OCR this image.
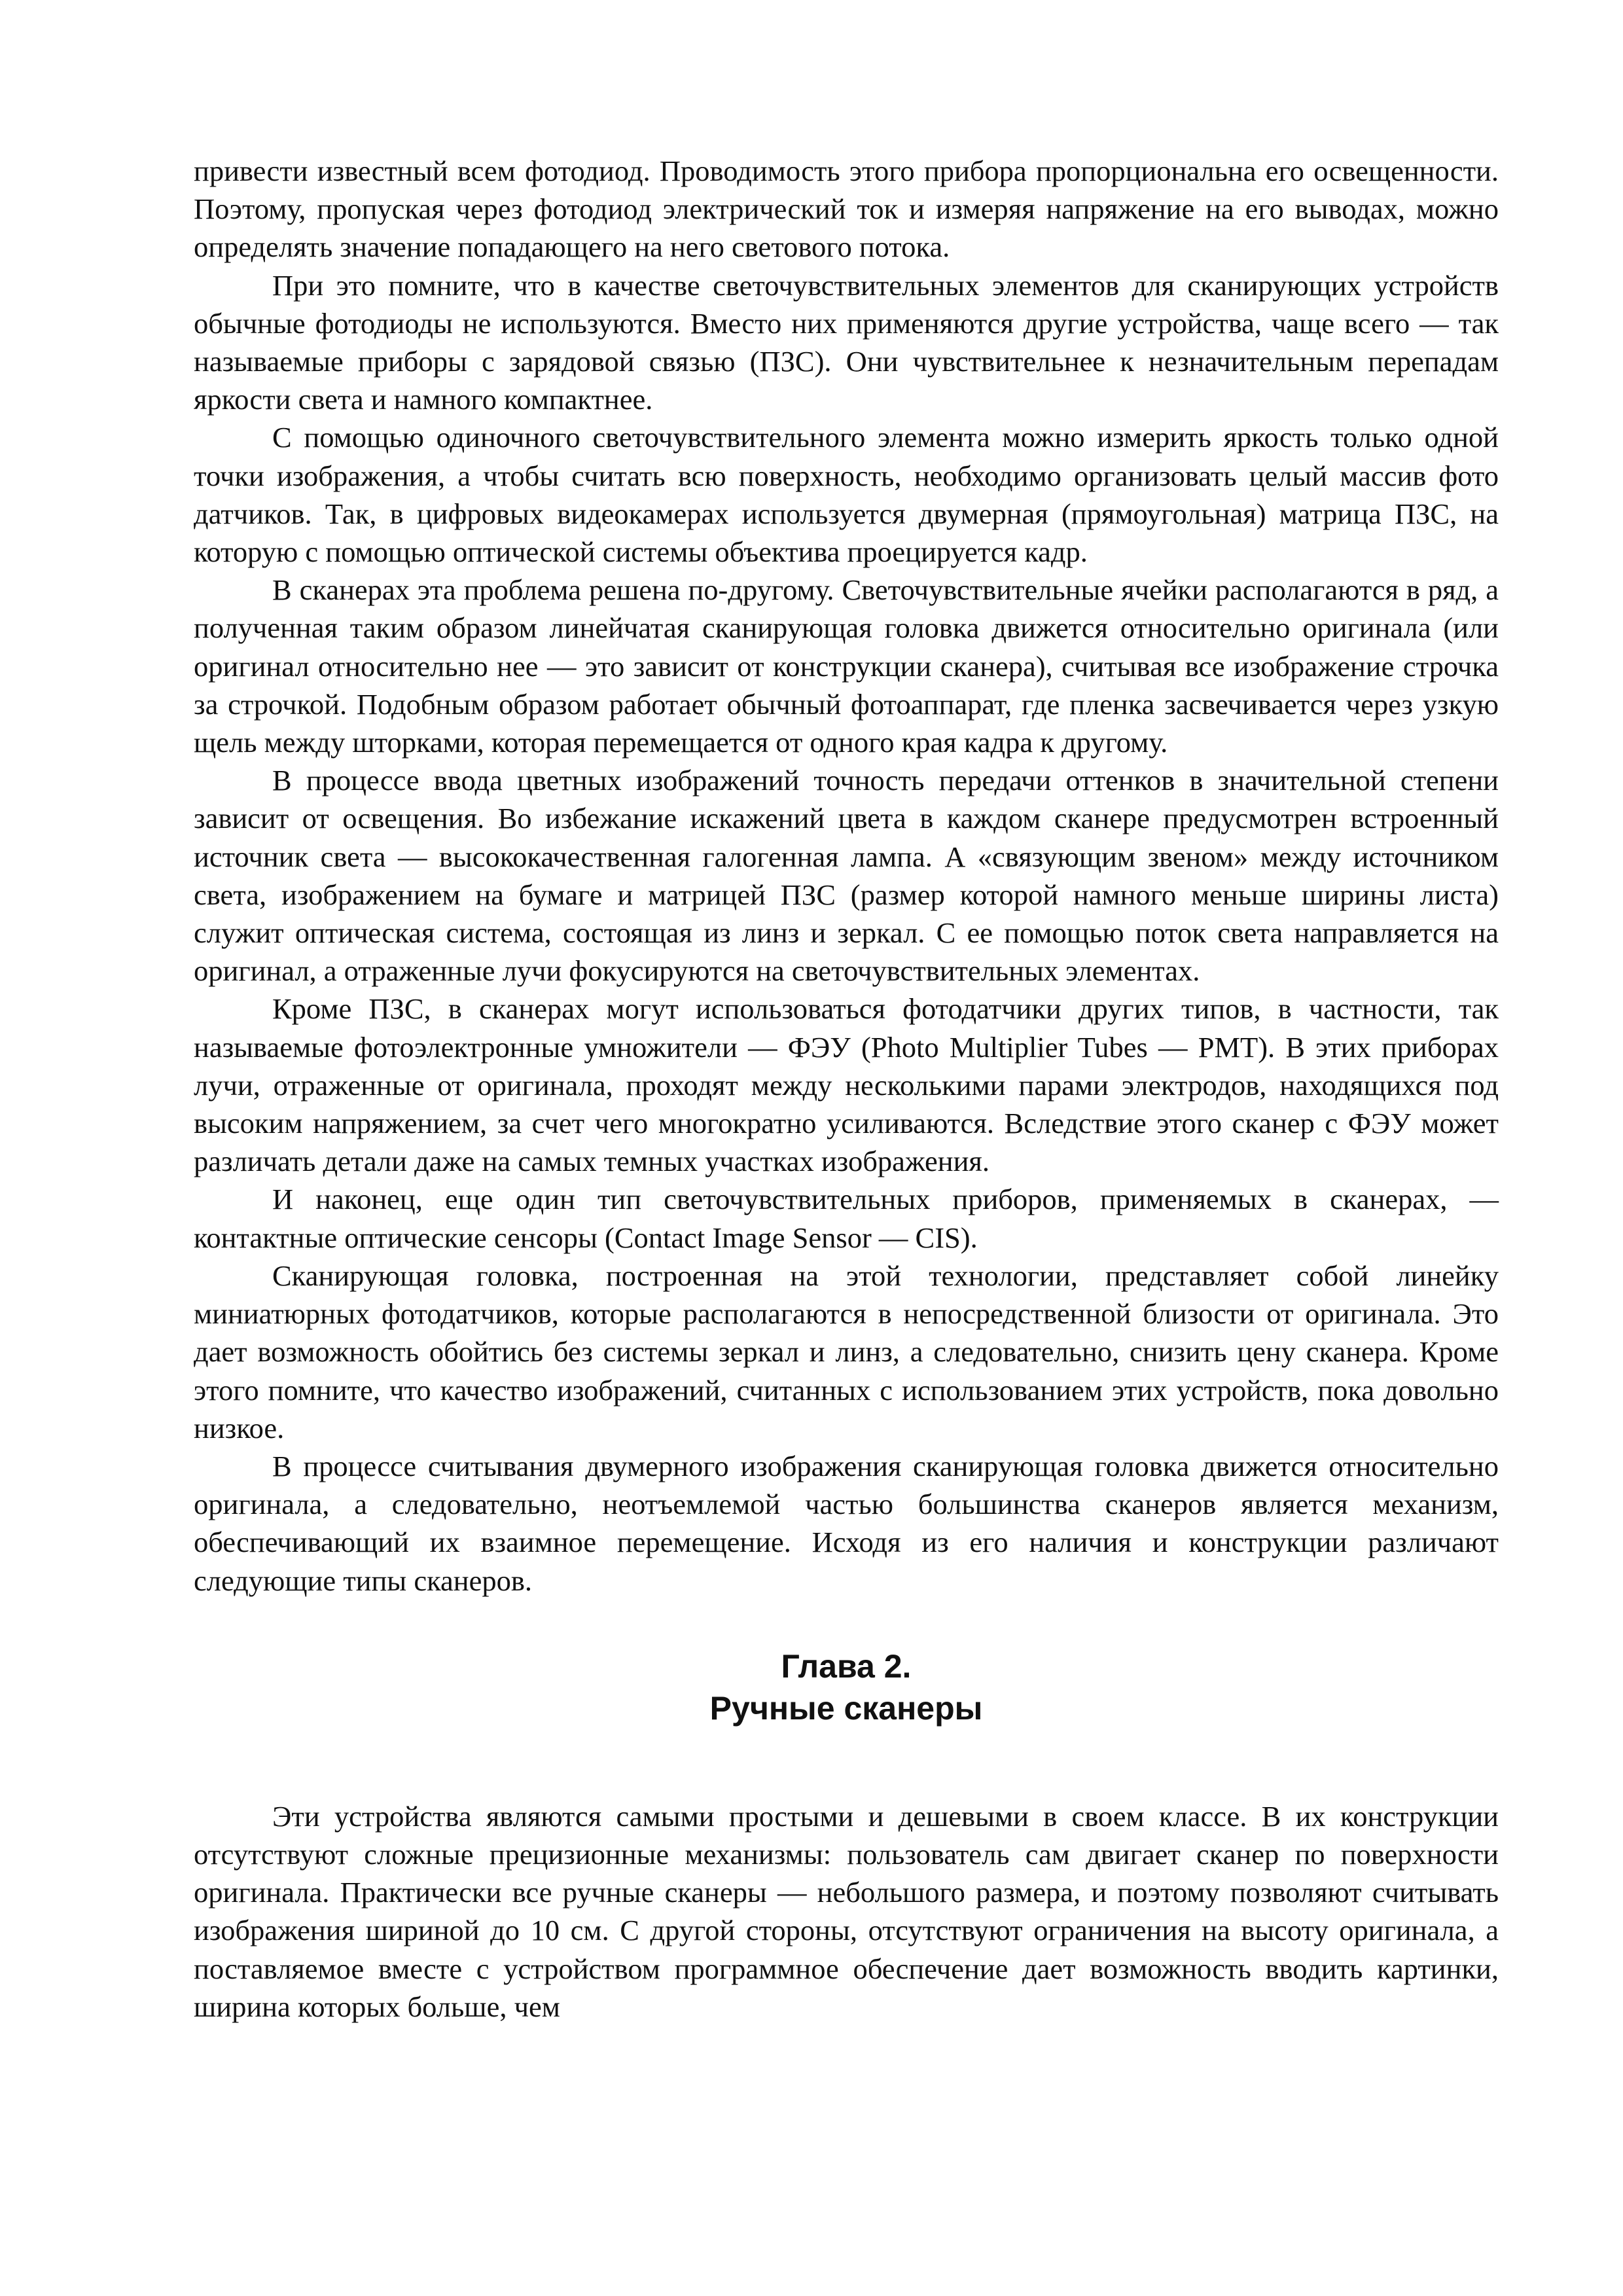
привести известный всем фотодиод. Проводимость этого прибора пропорциональна его освещенности. Поэтому, пропуская через фотодиод электрический ток и измеряя напряжение на его выводах, можно определять значение попадающего на него светового потока.

При это помните, что в качестве светочувствительных элементов для сканирующих устройств обычные фотодиоды не используются. Вместо них применяются другие устройства, чаще всего — так называемые приборы с зарядовой связью (ПЗС). Они чувствительнее к незначительным перепадам яркости света и намного компактнее.

С помощью одиночного светочувствительного элемента можно измерить яркость только одной точки изображения, а чтобы считать всю поверхность, необходимо организовать целый массив фото датчиков. Так, в цифровых видеокамерах используется двумерная (прямоугольная) матрица ПЗС, на которую с помощью оптической системы объектива проецируется кадр.

В сканерах эта проблема решена по-другому. Светочувствительные ячейки располагаются в ряд, а полученная таким образом линейчатая сканирующая головка движется относительно оригинала (или оригинал относительно нее — это зависит от конструкции сканера), считывая все изображение строчка за строчкой. Подобным образом работает обычный фотоаппарат, где пленка засвечивается через узкую щель между шторками, которая перемещается от одного края кадра к другому.

В процессе ввода цветных изображений точность передачи оттенков в значительной степени зависит от освещения. Во избежание искажений цвета в каждом сканере предусмотрен встроенный источник света — высококачественная галогенная лампа. А «связующим звеном» между источником света, изображением на бумаге и матрицей ПЗС (размер которой намного меньше ширины листа) служит оптическая система, состоящая из линз и зеркал. С ее помощью поток света направляется на оригинал, а отраженные лучи фокусируются на светочувствительных элементах.

Кроме ПЗС, в сканерах могут использоваться фотодатчики других типов, в частности, так называемые фотоэлектронные умножители — ФЭУ (Photo Multiplier Tubes — PMT). В этих приборах лучи, отраженные от оригинала, проходят между несколькими парами электродов, находящихся под высоким напряжением, за счет чего многократно усиливаются. Вследствие этого сканер с ФЭУ может различать детали даже на самых темных участках изображения.

И наконец, еще один тип светочувствительных приборов, применяемых в сканерах, — контактные оптические сенсоры (Contact Image Sensor — CIS).

Сканирующая головка, построенная на этой технологии, представляет собой линейку миниатюрных фотодатчиков, которые располагаются в непосредственной близости от оригинала. Это дает возможность обойтись без системы зеркал и линз, а следовательно, снизить цену сканера. Кроме этого помните, что качество изображений, считанных с использованием этих устройств, пока довольно низкое.

В процессе считывания двумерного изображения сканирующая головка движется относительно оригинала, а следовательно, неотъемлемой частью большинства сканеров является механизм, обеспечивающий их взаимное перемещение. Исходя из его наличия и конструкции различают следующие типы сканеров.

Глава 2.
Ручные сканеры

Эти устройства являются самыми простыми и дешевыми в своем классе. В их конструкции отсутствуют сложные прецизионные механизмы: пользователь сам двигает сканер по поверхности оригинала. Практически все ручные сканеры — небольшого размера, и поэтому позволяют считывать изображения шириной до 10 см. С другой стороны, отсутствуют ограничения на высоту оригинала, а поставляемое вместе с устройством программное обеспечение дает возможность вводить картинки, ширина которых больше, чем
